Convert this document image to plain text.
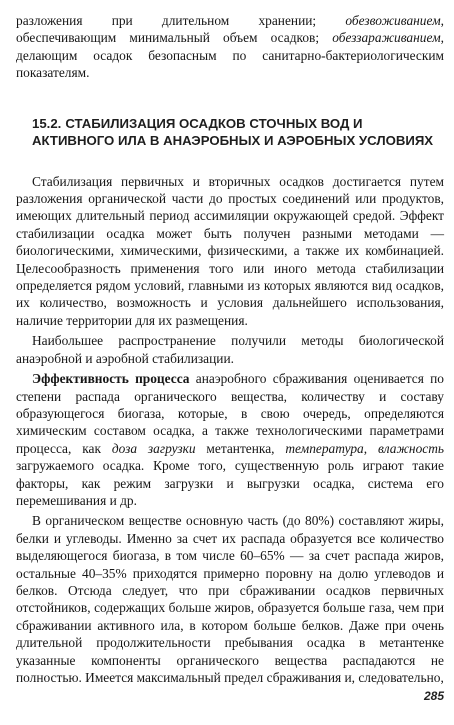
разложения при длительном хранении; обезвоживанием, обеспечивающим минимальный объем осадков; обеззараживанием, делающим осадок безопасным по санитарно-бактериологическим показателям.

15.2. СТАБИЛИЗАЦИЯ ОСАДКОВ СТОЧНЫХ ВОД И АКТИВНОГО ИЛА В АНАЭРОБНЫХ И АЭРОБНЫХ УСЛОВИЯХ

Стабилизация первичных и вторичных осадков достигается путем разложения органической части до простых соединений или продуктов, имеющих длительный период ассимиляции окружающей средой. Эффект стабилизации осадка может быть получен разными методами — биологическими, химическими, физическими, а также их комбинацией. Целесообразность применения того или иного метода стабилизации определяется рядом условий, главными из которых являются вид осадков, их количество, возможность и условия дальнейшего использования, наличие территории для их размещения.

Наибольшее распространение получили методы биологической анаэробной и аэробной стабилизации.

Эффективность процесса анаэробного сбраживания оценивается по степени распада органического вещества, количеству и составу образующегося биогаза, которые, в свою очередь, определяются химическим составом осадка, а также технологическими параметрами процесса, как доза загрузки метантенка, температура, влажность загружаемого осадка. Кроме того, существенную роль играют такие факторы, как режим загрузки и выгрузки осадка, система его перемешивания и др.

В органическом веществе основную часть (до 80%) составляют жиры, белки и углеводы. Именно за счет их распада образуется все количество выделяющегося биогаза, в том числе 60–65% — за счет распада жиров, остальные 40–35% приходятся примерно поровну на долю углеводов и белков. Отсюда следует, что при сбраживании осадков первичных отстойников, содержащих больше жиров, образуется больше газа, чем при сбраживании активного ила, в котором больше белков. Даже при очень длительной продолжительности пребывания осадка в метантенке указанные компоненты органического вещества распадаются не полностью. Имеется максимальный предел сбраживания и, следовательно,

285
